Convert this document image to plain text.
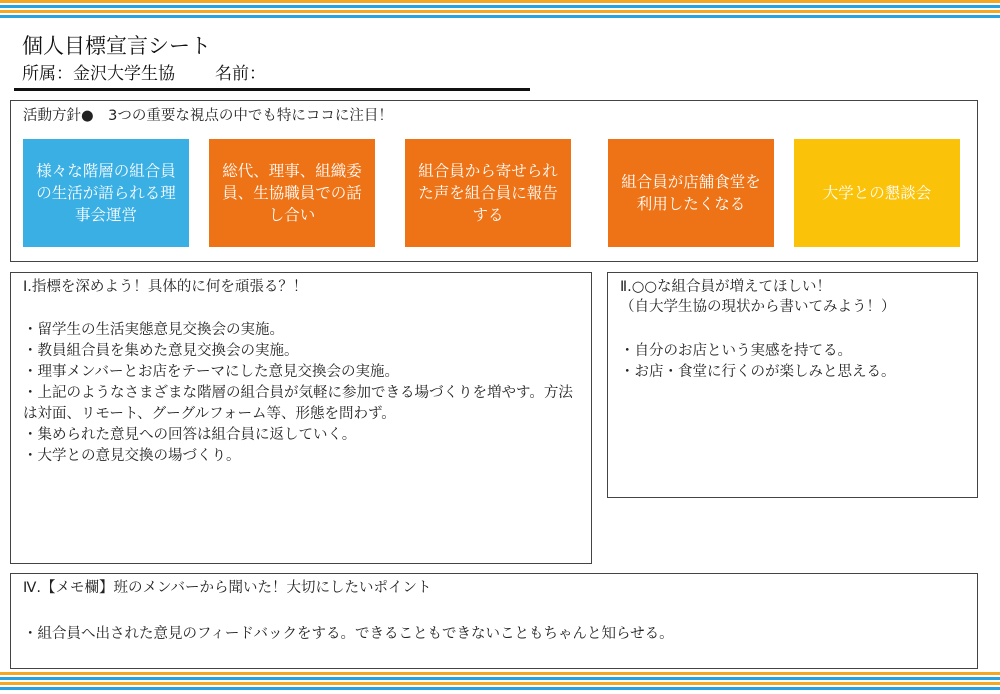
個人目標宣言シート
所属：金沢大学生協 名前：
活動方針●　3つの重要な視点の中でも特にココに注目！
様々な階層の組合員の生活が語られる理事会運営
総代、理事、組織委員、生協職員での話し合い
組合員から寄せられた声を組合員に報告する
組合員が店舗食堂を利用したくなる
大学との懇談会
Ⅰ.指標を深めよう！具体的に何を頑張る？！
・留学生の生活実態意見交換会の実施。
・教員組合員を集めた意見交換会の実施。
・理事メンバーとお店をテーマにした意見交換会の実施。
・上記のようなさまざまな階層の組合員が気軽に参加できる場づくりを増やす。方法は対面、リモート、グーグルフォーム等、形態を問わず。
・集められた意見への回答は組合員に返していく。
・大学との意見交換の場づくり。
Ⅱ.○○な組合員が増えてほしい！
（自大学生協の現状から書いてみよう！）
・自分のお店という実感を持てる。
・お店・食堂に行くのが楽しみと思える。
Ⅳ.【メモ欄】班のメンバーから聞いた！大切にしたいポイント
・組合員へ出された意見のフィードバックをする。できることもできないこともちゃんと知らせる。
